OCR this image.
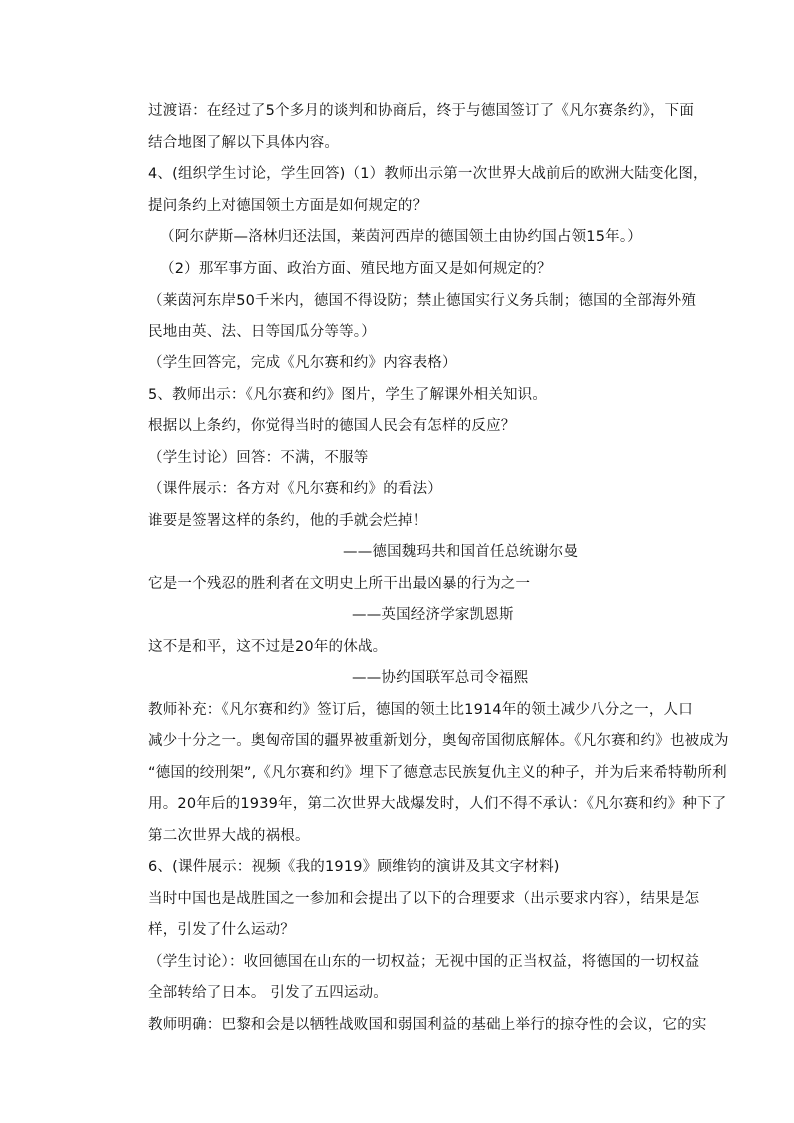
过渡语：在经过了5个多月的谈判和协商后，终于与德国签订了《凡尔赛条约》，下面
结合地图了解以下具体内容。
4、(组织学生讨论，学生回答)（1）教师出示第一次世界大战前后的欧洲大陆变化图，
提问条约上对德国领土方面是如何规定的？
（阿尔萨斯—洛林归还法国，莱茵河西岸的德国领土由协约国占领15年。）
（2）那军事方面、政治方面、殖民地方面又是如何规定的？
（莱茵河东岸50千米内，德国不得设防；禁止德国实行义务兵制；德国的全部海外殖
民地由英、法、日等国瓜分等等。）
（学生回答完，完成《凡尔赛和约》内容表格）
5、教师出示：《凡尔赛和约》图片，学生了解课外相关知识。
根据以上条约，你觉得当时的德国人民会有怎样的反应？
（学生讨论）回答：不满，不服等
（课件展示：各方对《凡尔赛和约》的看法）
谁要是签署这样的条约，他的手就会烂掉！
——德国魏玛共和国首任总统谢尔曼
它是一个残忍的胜利者在文明史上所干出最凶暴的行为之一
——英国经济学家凯恩斯
这不是和平，这不过是20年的休战。
——协约国联军总司令福熙
教师补充：《凡尔赛和约》签订后，德国的领土比1914年的领土减少八分之一，人口
减少十分之一。奥匈帝国的疆界被重新划分，奥匈帝国彻底解体。《凡尔赛和约》也被成为
“德国的绞刑架”,《凡尔赛和约》埋下了德意志民族复仇主义的种子，并为后来希特勒所利
用。20年后的1939年，第二次世界大战爆发时，人们不得不承认：《凡尔赛和约》种下了
第二次世界大战的祸根。
6、(课件展示：视频《我的1919》顾维钧的演讲及其文字材料)
当时中国也是战胜国之一参加和会提出了以下的合理要求（出示要求内容），结果是怎
样，引发了什么运动？
（学生讨论）：收回德国在山东的一切权益；无视中国的正当权益，将德国的一切权益
全部转给了日本。 引发了五四运动。
教师明确：巴黎和会是以牺牲战败国和弱国利益的基础上举行的掠夺性的会议，它的实
